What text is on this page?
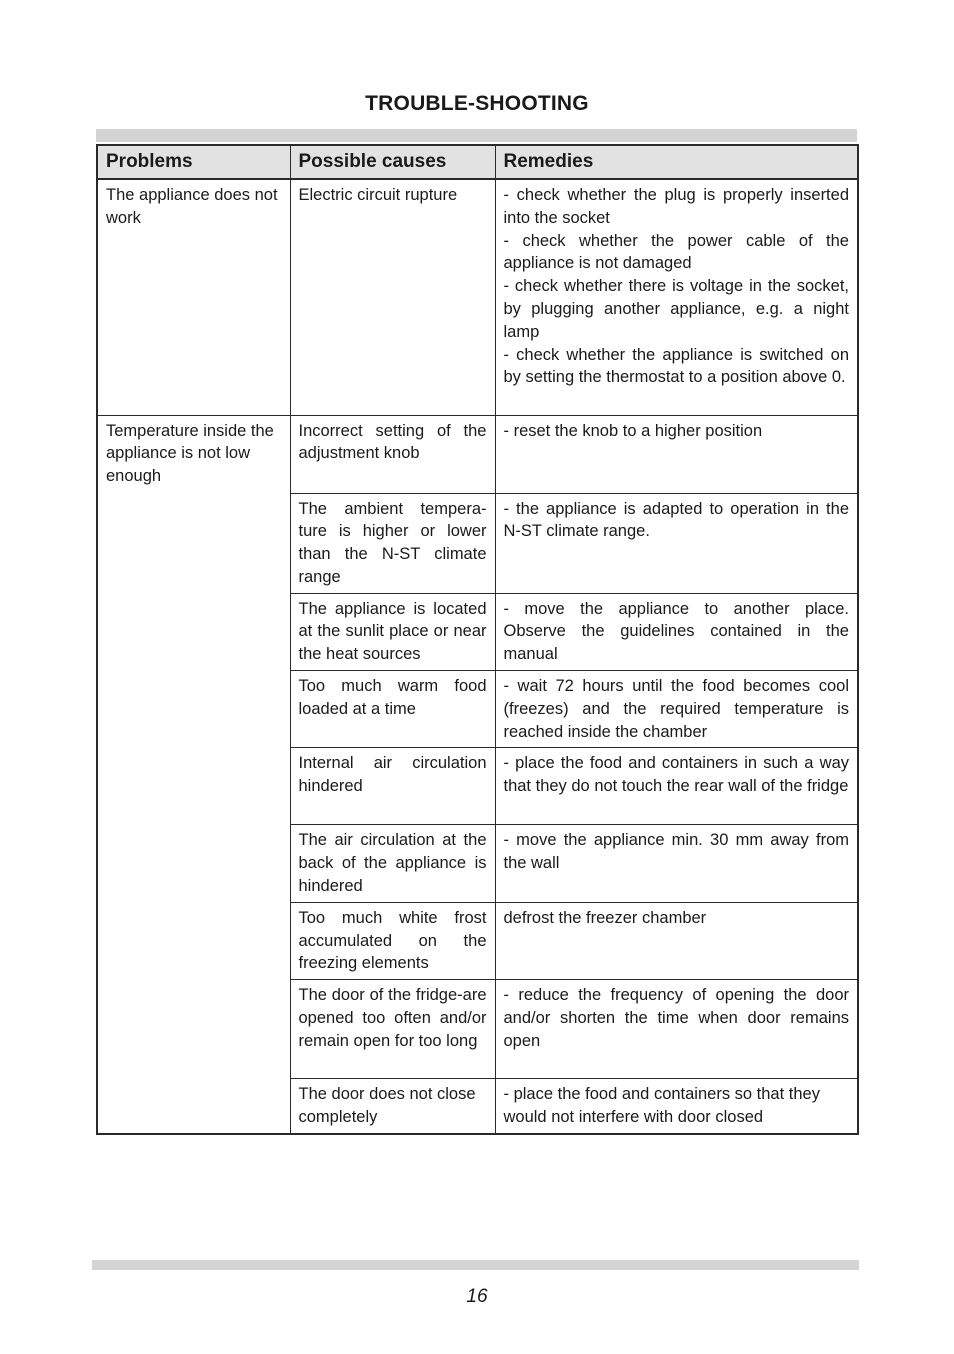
TROUBLE-SHOOTING
Problems	Possible causes	Remedies
The appliance does not work	Electric circuit rupture	- check whether the plug is properly inserted into the socket
- check whether the power cable of the appliance is not damaged
- check whether there is voltage in the socket, by plugging another appliance, e.g. a night lamp
- check whether the appliance is switched on by setting the thermostat to a position above 0.

Temperature inside the appliance is not low enough	Incorrect setting of the adjustment knob	- reset the knob to a higher position
	The ambient tempera-ture is higher or lower than the N-ST climate range	- the appliance is adapted to operation in the N-ST climate range.
	The appliance is located at the sunlit place or near the heat sources	- move the appliance to another place. Observe the guidelines contained in the manual
	Too much warm food loaded at a time	- wait 72 hours until the food becomes cool (freezes) and the required temperature is reached inside the chamber
	Internal air circulation hindered	- place the food and containers in such a way that they do not touch the rear wall of the fridge
	The air circulation at the back of the appliance is hindered	- move the appliance min. 30 mm away from the wall
	Too much white frost accumulated on the freezing elements	defrost the freezer chamber
	The door of the fridge-are opened too often and/or remain open for too long	- reduce the frequency of opening the door and/or shorten the time when door remains open
	The door does not close completely	- place the food and containers so that they would not interfere with door closed
16
